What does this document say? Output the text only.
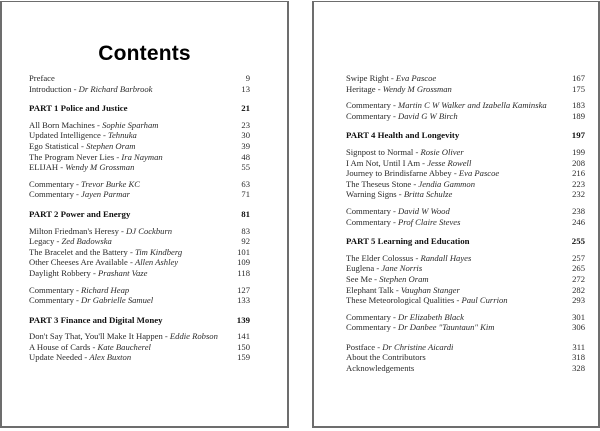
Contents
Preface	9
Introduction - Dr Richard Barbrook	13
PART 1 Police and Justice	21
All Born Machines - Sophie Sparham	23
Updated Intelligence - Tehnuka	30
Ego Statistical - Stephen Oram	39
The Program Never Lies - Ira Nayman	48
ELIJAH - Wendy M Grossman	55
Commentary - Trevor Burke KC	63
Commentary - Jayen Parmar	71
PART 2 Power and Energy	81
Milton Friedman's Heresy - DJ Cockburn	83
Legacy - Zed Badowska	92
The Bracelet and the Battery - Tim Kindberg	101
Other Cheeses Are Available - Allen Ashley	109
Daylight Robbery - Prashant Vaze	118
Commentary - Richard Heap	127
Commentary - Dr Gabrielle Samuel	133
PART 3 Finance and Digital Money	139
Don't Say That, You'll Make It Happen - Eddie Robson	141
A House of Cards - Kate Baucherel	150
Update Needed - Alex Buxton	159
Swipe Right - Eva Pascoe	167
Heritage - Wendy M Grossman	175
Commentary - Martin C W Walker and Izabella Kaminska	183
Commentary - David G W Birch	189
PART 4 Health and Longevity	197
Signpost to Normal - Rosie Oliver	199
I Am Not, Until I Am - Jesse Rowell	208
Journey to Brindisfarne Abbey - Eva Pascoe	216
The Theseus Stone - Jendia Gammon	223
Warning Signs - Britta Schulze	232
Commentary - David W Wood	238
Commentary - Prof Claire Steves	246
PART 5 Learning and Education	255
The Elder Colossus - Randall Hayes	257
Euglena - Jane Norris	265
See Me - Stephen Oram	272
Elephant Talk - Vaughan Stanger	282
These Meteorological Qualities - Paul Currion	293
Commentary - Dr Elizabeth Black	301
Commentary - Dr Danbee "Tauntaun" Kim	306
Postface - Dr Christine Aicardi	311
About the Contributors	318
Acknowledgements	328
